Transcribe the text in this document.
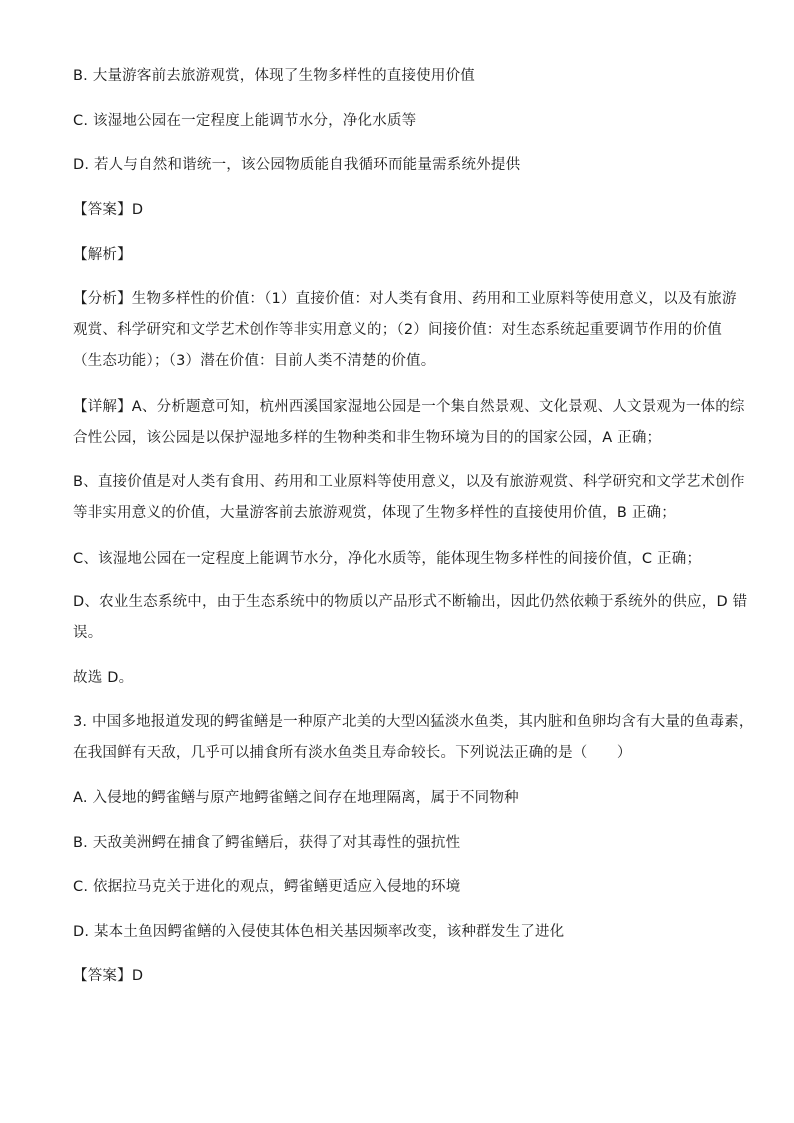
B. 大量游客前去旅游观赏，体现了生物多样性的直接使用价值
C. 该湿地公园在一定程度上能调节水分，净化水质等
D. 若人与自然和谐统一，该公园物质能自我循环而能量需系统外提供
【答案】D
【解析】
【分析】生物多样性的价值：（1）直接价值：对人类有食用、药用和工业原料等使用意义，以及有旅游
观赏、科学研究和文学艺术创作等非实用意义的；（2）间接价值：对生态系统起重要调节作用的价值
（生态功能）；（3）潜在价值：目前人类不清楚的价值。
【详解】A、分析题意可知，杭州西溪国家湿地公园是一个集自然景观、文化景观、人文景观为一体的综
合性公园，该公园是以保护湿地多样的生物种类和非生物环境为目的的国家公园，A 正确；
B、直接价值是对人类有食用、药用和工业原料等使用意义，以及有旅游观赏、科学研究和文学艺术创作
等非实用意义的价值，大量游客前去旅游观赏，体现了生物多样性的直接使用价值，B 正确；
C、该湿地公园在一定程度上能调节水分，净化水质等，能体现生物多样性的间接价值，C 正确；
D、农业生态系统中，由于生态系统中的物质以产品形式不断输出，因此仍然依赖于系统外的供应，D 错
误。
故选 D。
3. 中国多地报道发现的鳄雀鳝是一种原产北美的大型凶猛淡水鱼类，其内脏和鱼卵均含有大量的鱼毒素，
在我国鲜有天敌，几乎可以捕食所有淡水鱼类且寿命较长。下列说法正确的是（　　）
A. 入侵地的鳄雀鳝与原产地鳄雀鳝之间存在地理隔离，属于不同物种
B. 天敌美洲鳄在捕食了鳄雀鳝后，获得了对其毒性的强抗性
C. 依据拉马克关于进化的观点，鳄雀鳝更适应入侵地的环境
D. 某本土鱼因鳄雀鳝的入侵使其体色相关基因频率改变，该种群发生了进化
【答案】D
